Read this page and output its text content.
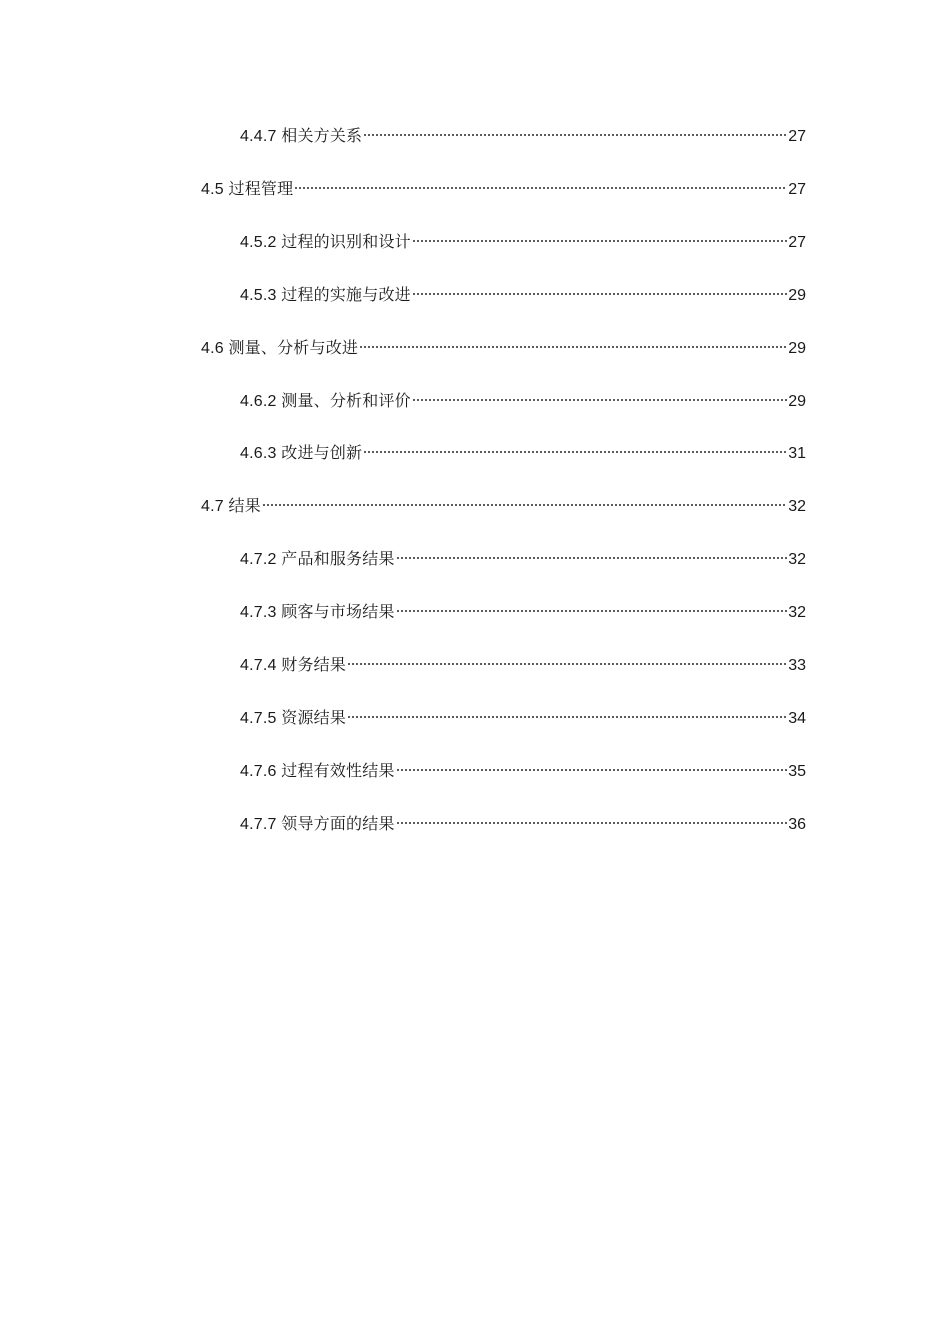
4.4.7 相关方关系	27
4.5 过程管理	27
4.5.2 过程的识别和设计	27
4.5.3 过程的实施与改进	29
4.6 测量、分析与改进	29
4.6.2 测量、分析和评价	29
4.6.3 改进与创新	31
4.7 结果	32
4.7.2 产品和服务结果	32
4.7.3 顾客与市场结果	32
4.7.4 财务结果	33
4.7.5 资源结果	34
4.7.6 过程有效性结果	35
4.7.7 领导方面的结果	36
